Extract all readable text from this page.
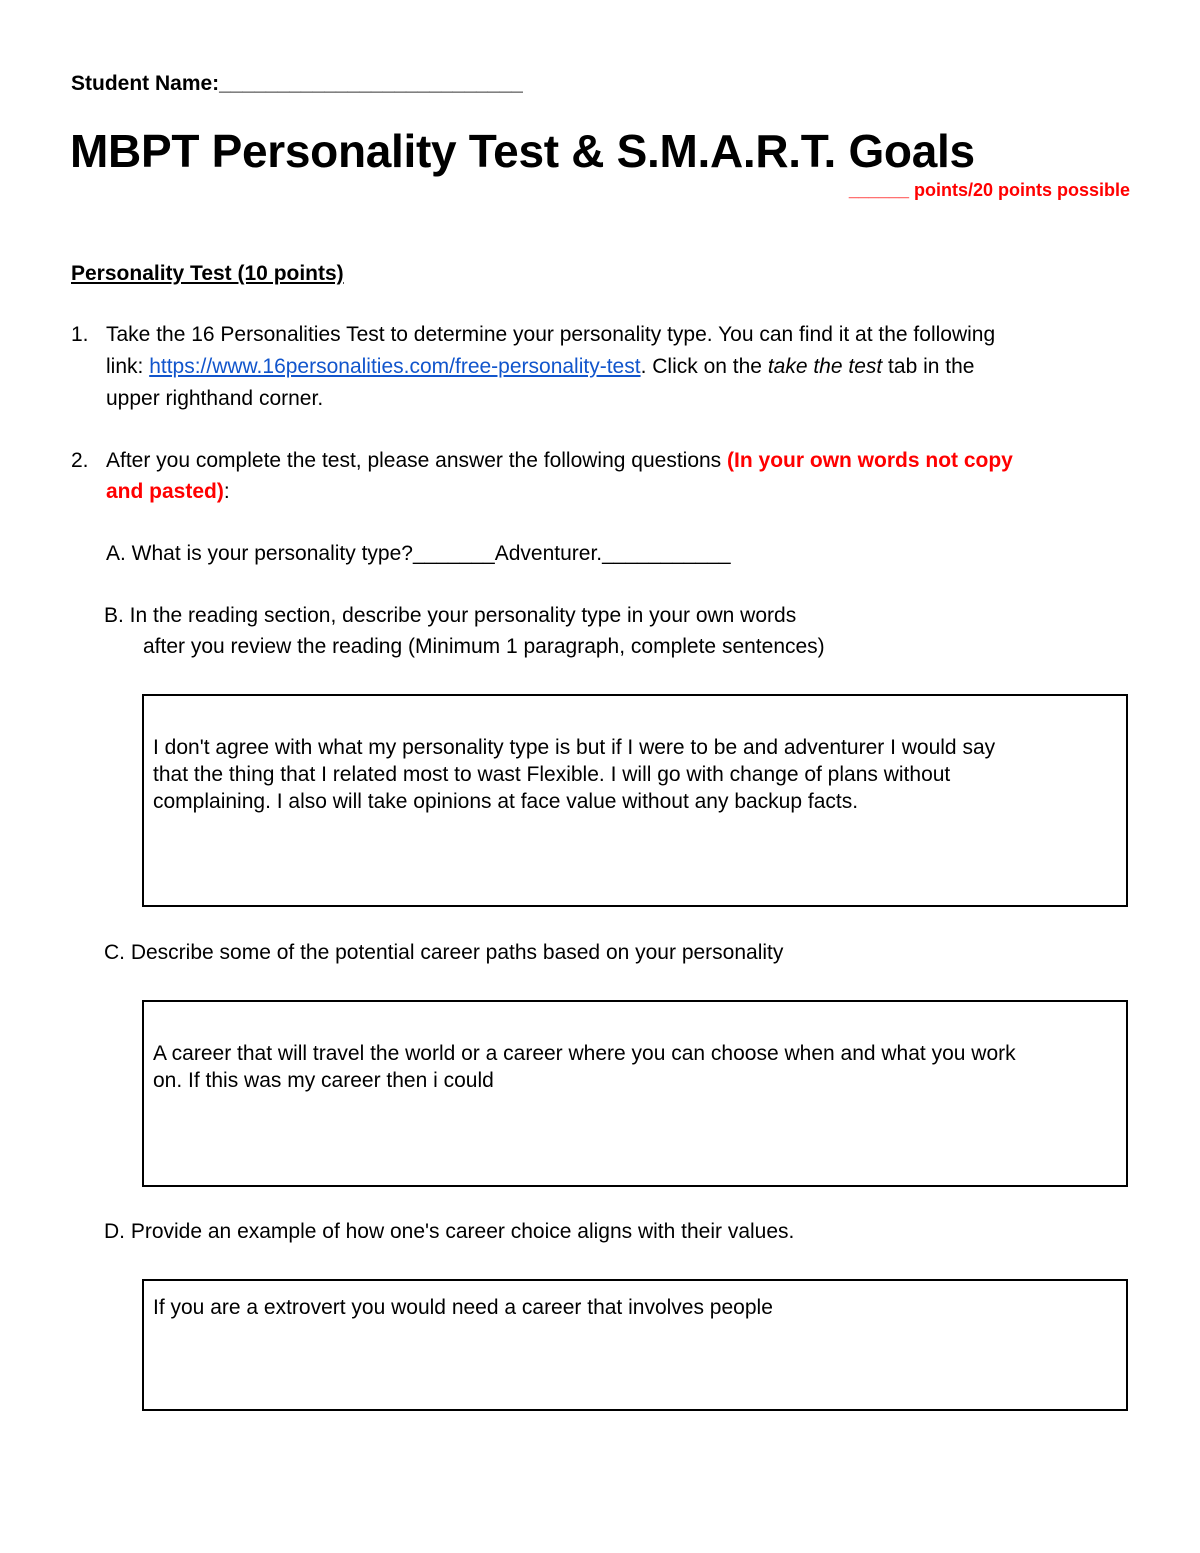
Student Name:__________________________
MBPT Personality Test & S.M.A.R.T. Goals
______ points/20 points possible
Personality Test (10 points)
1. Take the 16 Personalities Test to determine your personality type. You can find it at the following
link: https://www.16personalities.com/free-personality-test. Click on the take the test tab in the
upper righthand corner.
2. After you complete the test, please answer the following questions (In your own words not copy
and pasted):
A. What is your personality type?_______Adventurer.___________
B. In the reading section, describe your personality type in your own words
after you review the reading (Minimum 1 paragraph, complete sentences)
I don't agree with what my personality type is but if I were to be and adventurer I would say
that the thing that I related most to wast Flexible. I will go with change of plans without
complaining. I also will take opinions at face value without any backup facts.
C. Describe some of the potential career paths based on your personality
A career that will travel the world or a career where you can choose when and what you work
on. If this was my career then i could
D. Provide an example of how one's career choice aligns with their values.
If you are a extrovert you would need a career that involves people
